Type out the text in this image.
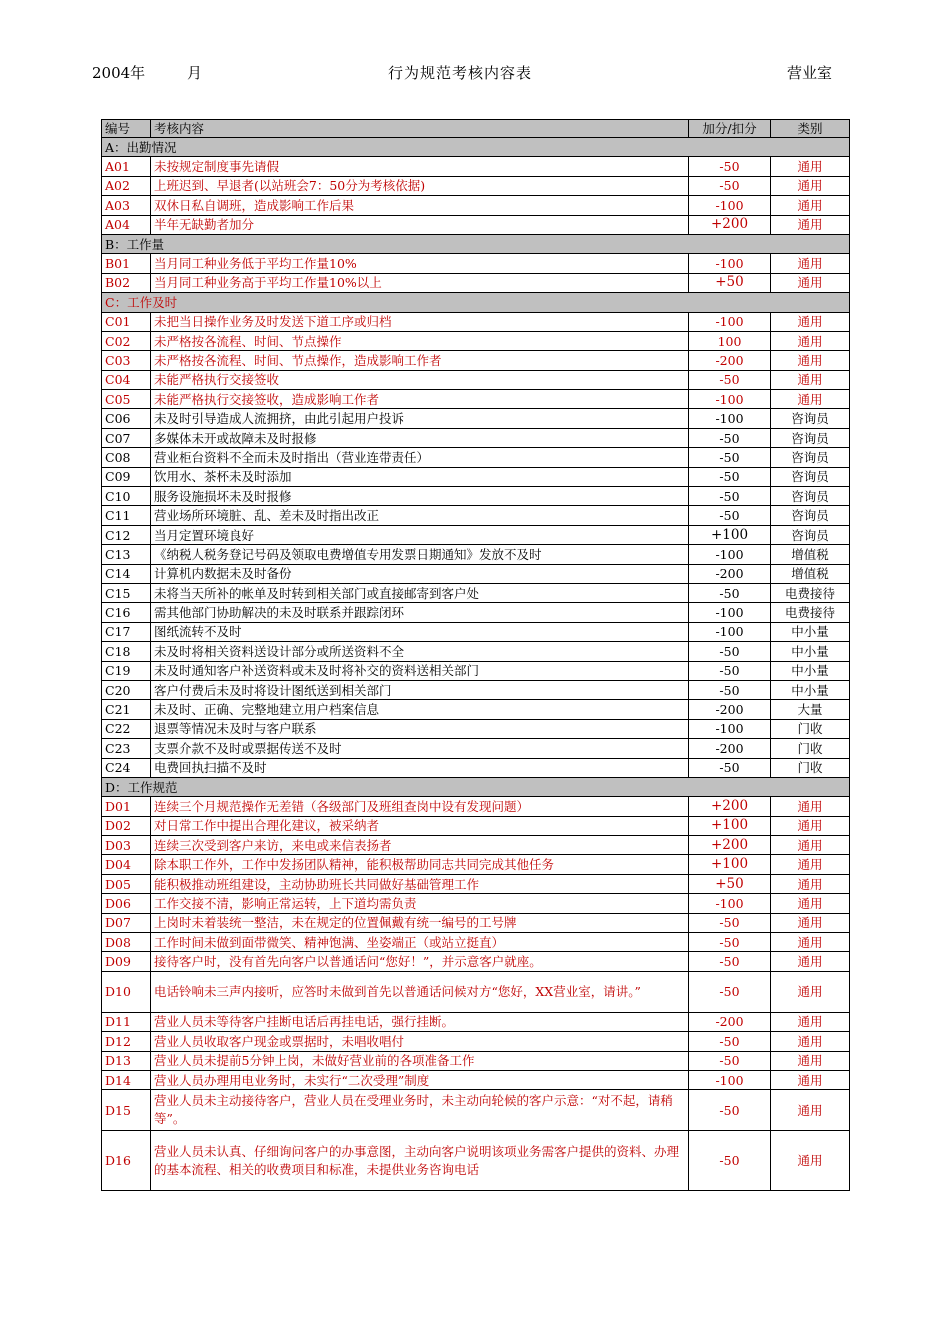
2004年	月	行为规范考核内容表	营业室
编号	考核内容	加分/扣分	类别
A：出勤情况			
A01	未按规定制度事先请假	-50	通用
A02	上班迟到、早退者(以站班会7：50分为考核依据)	-50	通用
A03	双休日私自调班，造成影响工作后果	-100	通用
A04	半年无缺勤者加分	+200	通用
B：工作量			
B01	当月同工种业务低于平均工作量10%	-100	通用
B02	当月同工种业务高于平均工作量10%以上	+50	通用
C：工作及时			
C01	未把当日操作业务及时发送下道工序或归档	-100	通用
C02	未严格按各流程、时间、节点操作	100	通用
C03	未严格按各流程、时间、节点操作，造成影响工作者	-200	通用
C04	未能严格执行交接签收	-50	通用
C05	未能严格执行交接签收，造成影响工作者	-100	通用
C06	未及时引导造成人流拥挤，由此引起用户投诉	-100	咨询员
C07	多媒体未开或故障未及时报修	-50	咨询员
C08	营业柜台资料不全而未及时指出（营业连带责任）	-50	咨询员
C09	饮用水、茶杯未及时添加	-50	咨询员
C10	服务设施损坏未及时报修	-50	咨询员
C11	营业场所环境脏、乱、差未及时指出改正	-50	咨询员
C12	当月定置环境良好	+100	咨询员
C13	《纳税人税务登记号码及领取电费增值专用发票日期通知》发放不及时	-100	增值税
C14	计算机内数据未及时备份	-200	增值税
C15	未将当天所补的帐单及时转到相关部门或直接邮寄到客户处	-50	电费接待
C16	需其他部门协助解决的未及时联系并跟踪闭环	-100	电费接待
C17	图纸流转不及时	-100	中小量
C18	未及时将相关资料送设计部分或所送资料不全	-50	中小量
C19	未及时通知客户补送资料或未及时将补交的资料送相关部门	-50	中小量
C20	客户付费后未及时将设计图纸送到相关部门	-50	中小量
C21	未及时、正确、完整地建立用户档案信息	-200	大量
C22	退票等情况未及时与客户联系	-100	门收
C23	支票介款不及时或票据传送不及时	-200	门收
C24	电费回执扫描不及时	-50	门收
D：工作规范			
D01	连续三个月规范操作无差错（各级部门及班组查岗中设有发现问题）	+200	通用
D02	对日常工作中提出合理化建议，被采纳者	+100	通用
D03	连续三次受到客户来访，来电或来信表扬者	+200	通用
D04	除本职工作外，工作中发扬团队精神，能积极帮助同志共同完成其他任务	+100	通用
D05	能积极推动班组建设，主动协助班长共同做好基础管理工作	+50	通用
D06	工作交接不清，影响正常运转，上下道均需负责	-100	通用
D07	上岗时未着装统一整洁，未在规定的位置佩戴有统一编号的工号牌	-50	通用
D08	工作时间未做到面带微笑、精神饱满、坐姿端正（或站立挺直）	-50	通用
D09	接待客户时，没有首先向客户以普通话问“您好！”，并示意客户就座。	-50	通用
D10	电话铃响未三声内接听，应答时未做到首先以普通话问候对方“您好，XX营业室，请讲。”	-50	通用
D11	营业人员未等待客户挂断电话后再挂电话，强行挂断。	-200	通用
D12	营业人员收取客户现金或票据时，未唱收唱付	-50	通用
D13	营业人员未提前5分钟上岗，未做好营业前的各项准备工作	-50	通用
D14	营业人员办理用电业务时，未实行“二次受理”制度	-100	通用
D15	营业人员未主动接待客户，营业人员在受理业务时，未主动向轮候的客户示意：“对不起，请稍等”。	-50	通用
D16	营业人员未认真、仔细询问客户的办事意图，主动向客户说明该项业务需客户提供的资料、办理的基本流程、相关的收费项目和标准，未提供业务咨询电话	-50	通用
